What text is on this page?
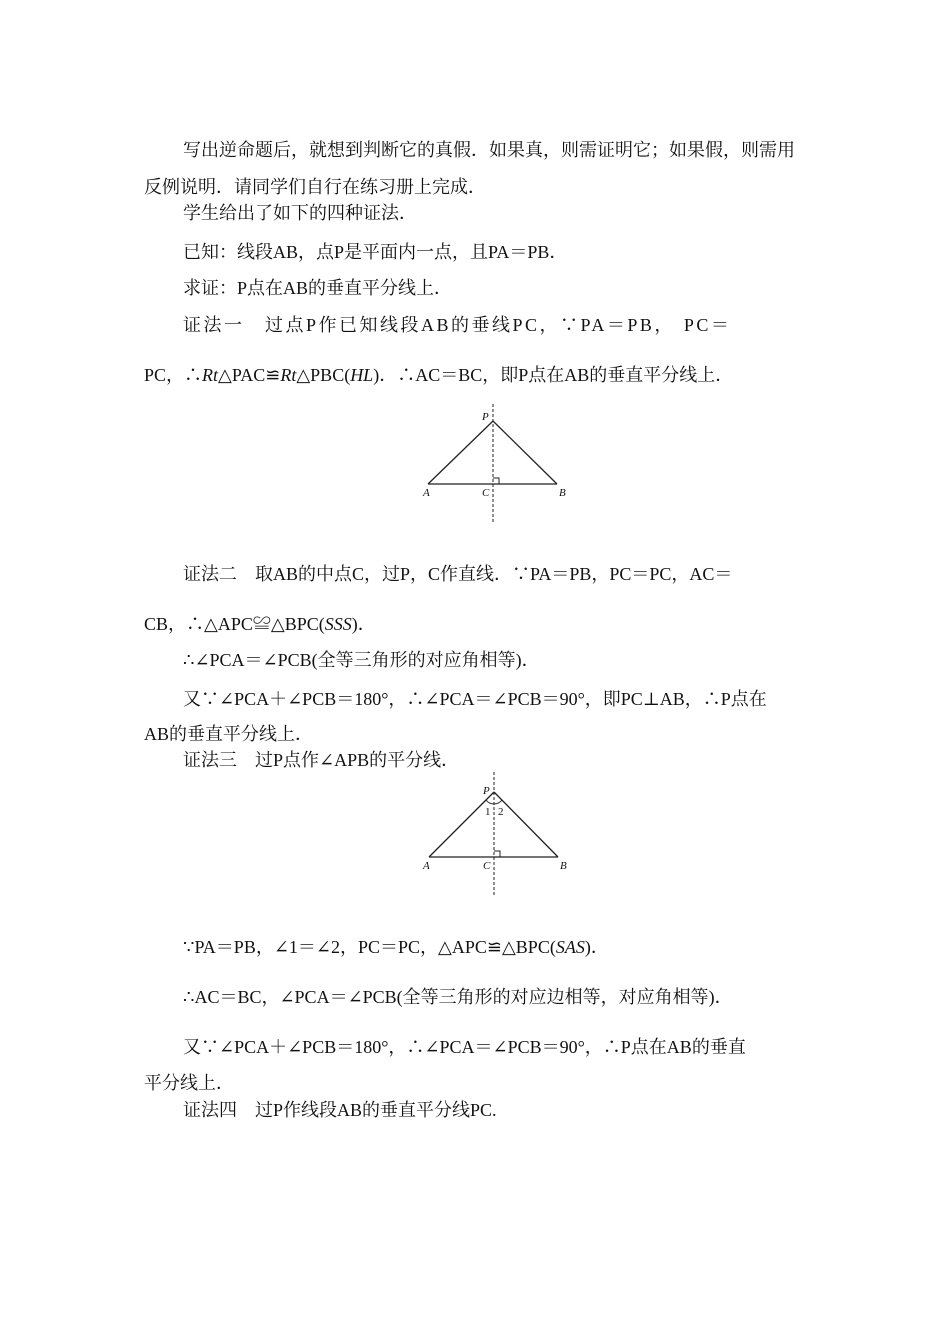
写出逆命题后，就想到判断它的真假．如果真，则需证明它；如果假，则需用
反例说明．请同学们自行在练习册上完成．
学生给出了如下的四种证法．
已知：线段AB，点P是平面内一点，且PA＝PB．
求证：P点在AB的垂直平分线上．
证法一　过点P作已知线段AB的垂线PC，∵PA＝PB， PC＝
PC，∴Rt△PAC≌Rt△PBC(HL)．∴AC＝BC，即P点在AB的垂直平分线上．
P
A	C	B
证法二　取AB的中点C，过P，C作直线．∵PA＝PB，PC＝PC，AC＝
CB，∴△APC≌△BPC(SSS)．
∴∠PCA＝∠PCB(全等三角形的对应角相等)．
又∵∠PCA＋∠PCB＝180°，∴∠PCA＝∠PCB＝90°，即PC⊥AB，∴P点在
AB的垂直平分线上．
证法三　过P点作∠APB的平分线．
P
1 2
A	C	B
∵PA＝PB，∠1＝∠2，PC＝PC，△APC≌△BPC(SAS)．
∴AC＝BC，∠PCA＝∠PCB(全等三角形的对应边相等，对应角相等)．
又∵∠PCA＋∠PCB＝180°，∴∠PCA＝∠PCB＝90°，∴P点在AB的垂直
平分线上．
证法四　过P作线段AB的垂直平分线PC.
